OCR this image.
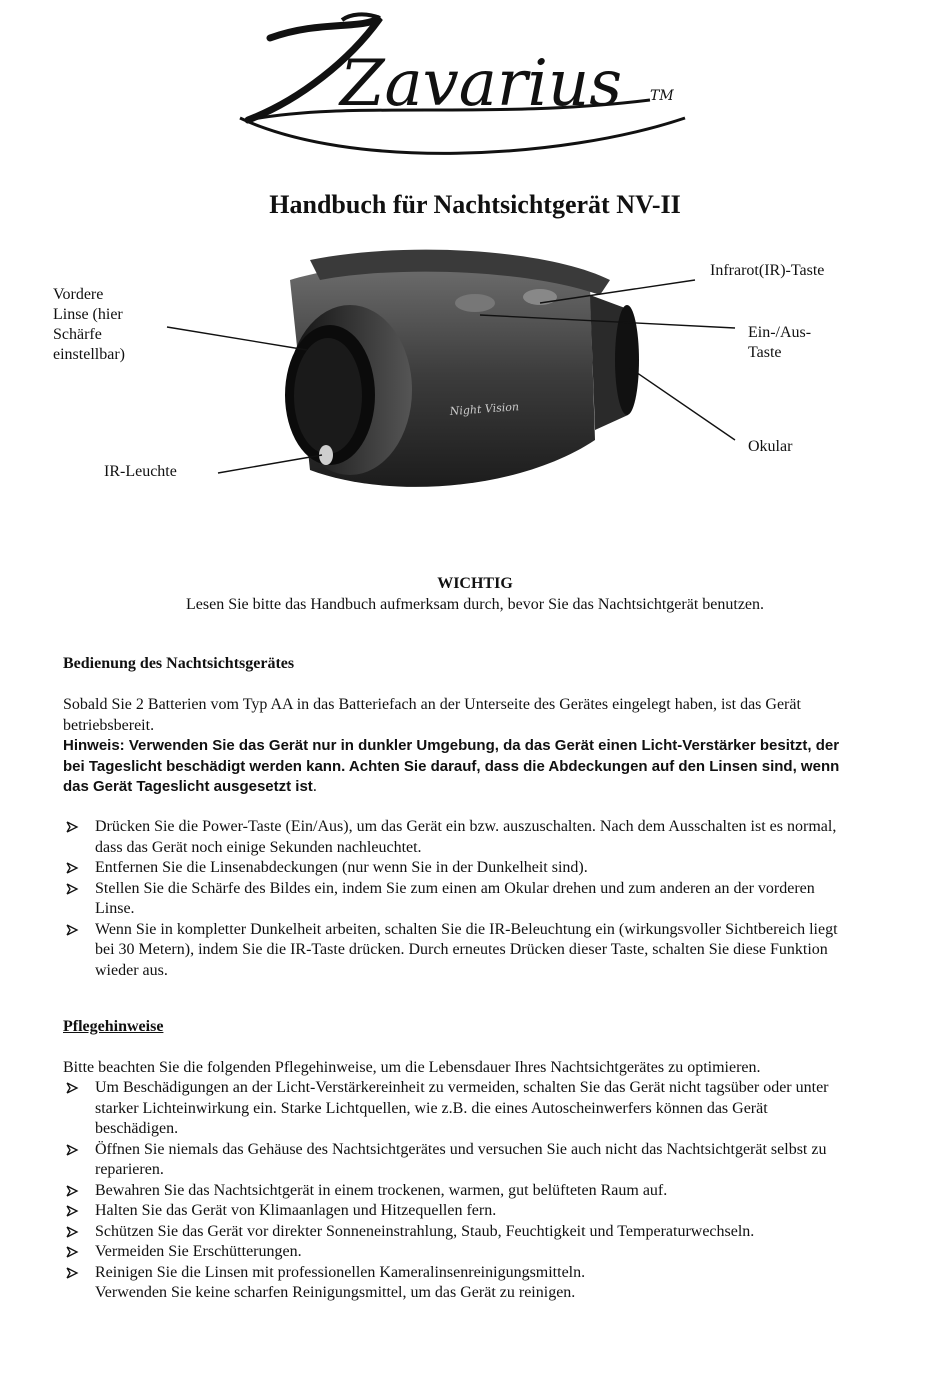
Zavarius TM
Handbuch für Nachtsichtgerät NV-II
Night Vision
Vordere
Linse (hier
Schärfe
einstellbar)
Infrarot(IR)-Taste
Ein-/Aus-
Taste
Okular
IR-Leuchte
WICHTIG
Lesen Sie bitte das Handbuch aufmerksam durch, bevor Sie das Nachtsichtgerät benutzen.
Bedienung des Nachtsichtsgerätes
Sobald Sie 2 Batterien vom Typ AA in das Batteriefach an der Unterseite des Gerätes eingelegt haben, ist das Gerät betriebsbereit.
Hinweis: Verwenden Sie das Gerät nur in dunkler Umgebung, da das Gerät einen Licht-Verstärker besitzt, der bei Tageslicht beschädigt werden kann. Achten Sie darauf, dass die Abdeckungen auf den Linsen sind, wenn das Gerät Tageslicht ausgesetzt ist.
Drücken Sie die Power-Taste (Ein/Aus), um das Gerät ein bzw. auszuschalten. Nach dem Ausschalten ist es normal, dass das Gerät noch einige Sekunden nachleuchtet.
Entfernen Sie die Linsenabdeckungen (nur wenn Sie in der Dunkelheit sind).
Stellen Sie die Schärfe des Bildes ein, indem Sie zum einen am Okular drehen und zum anderen an der vorderen Linse.
Wenn Sie in kompletter Dunkelheit arbeiten, schalten Sie die IR-Beleuchtung ein (wirkungsvoller Sichtbereich liegt bei 30 Metern), indem Sie die IR-Taste drücken. Durch erneutes Drücken dieser Taste, schalten Sie diese Funktion wieder aus.
Pflegehinweise
Bitte beachten Sie die folgenden Pflegehinweise, um die Lebensdauer Ihres Nachtsichtgerätes zu optimieren.
Um Beschädigungen an der Licht-Verstärkereinheit zu vermeiden, schalten Sie das Gerät nicht tagsüber oder unter starker Lichteinwirkung ein. Starke Lichtquellen, wie z.B. die eines Autoscheinwerfers können das Gerät beschädigen.
Öffnen Sie niemals das Gehäuse des Nachtsichtgerätes und versuchen Sie auch nicht das Nachtsichtgerät selbst zu reparieren.
Bewahren Sie das Nachtsichtgerät in einem trockenen, warmen, gut belüfteten Raum auf.
Halten Sie das Gerät von Klimaanlagen und Hitzequellen fern.
Schützen Sie das Gerät vor direkter Sonneneinstrahlung, Staub, Feuchtigkeit und Temperaturwechseln.
Vermeiden Sie Erschütterungen.
Reinigen Sie die Linsen mit professionellen Kameralinsenreinigungsmitteln.
Verwenden Sie keine scharfen Reinigungsmittel, um das Gerät zu reinigen.
